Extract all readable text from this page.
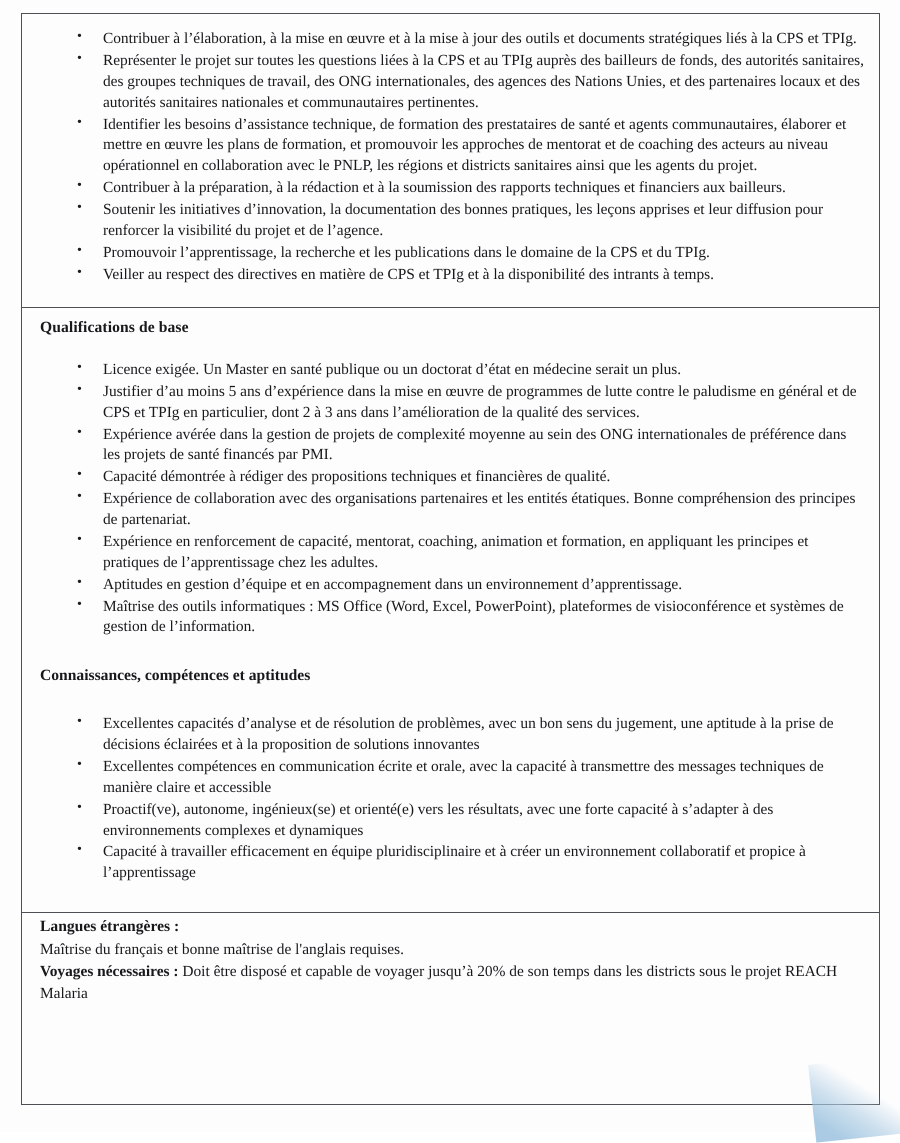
• Contribuer à l’élaboration, à la mise en œuvre et à la mise à jour des outils et documents stratégiques liés à la CPS et TPIg.
• Représenter le projet sur toutes les questions liées à la CPS et au TPIg auprès des bailleurs de fonds, des autorités sanitaires, des groupes techniques de travail, des ONG internationales, des agences des Nations Unies, et des partenaires locaux et des autorités sanitaires nationales et communautaires pertinentes.
• Identifier les besoins d’assistance technique, de formation des prestataires de santé et agents communautaires, élaborer et mettre en œuvre les plans de formation, et promouvoir les approches de mentorat et de coaching des acteurs au niveau opérationnel en collaboration avec le PNLP, les régions et districts sanitaires ainsi que les agents du projet.
• Contribuer à la préparation, à la rédaction et à la soumission des rapports techniques et financiers aux bailleurs.
• Soutenir les initiatives d’innovation, la documentation des bonnes pratiques, les leçons apprises et leur diffusion pour renforcer la visibilité du projet et de l’agence.
• Promouvoir l’apprentissage, la recherche et les publications dans le domaine de la CPS et du TPIg.
• Veiller au respect des directives en matière de CPS et TPIg et à la disponibilité des intrants à temps.
Qualifications de base
• Licence exigée. Un Master en santé publique ou un doctorat d’état en médecine serait un plus.
• Justifier d’au moins 5 ans d’expérience dans la mise en œuvre de programmes de lutte contre le paludisme en général et de CPS et TPIg en particulier, dont 2 à 3 ans dans l’amélioration de la qualité des services.
• Expérience avérée dans la gestion de projets de complexité moyenne au sein des ONG internationales de préférence dans les projets de santé financés par PMI.
• Capacité démontrée à rédiger des propositions techniques et financières de qualité.
• Expérience de collaboration avec des organisations partenaires et les entités étatiques. Bonne compréhension des principes de partenariat.
• Expérience en renforcement de capacité, mentorat, coaching, animation et formation, en appliquant les principes et pratiques de l’apprentissage chez les adultes.
• Aptitudes en gestion d’équipe et en accompagnement dans un environnement d’apprentissage.
• Maîtrise des outils informatiques : MS Office (Word, Excel, PowerPoint), plateformes de visioconférence et systèmes de gestion de l’information.
Connaissances, compétences et aptitudes
• Excellentes capacités d’analyse et de résolution de problèmes, avec un bon sens du jugement, une aptitude à la prise de décisions éclairées et à la proposition de solutions innovantes
• Excellentes compétences en communication écrite et orale, avec la capacité à transmettre des messages techniques de manière claire et accessible
• Proactif(ve), autonome, ingénieux(se) et orienté(e) vers les résultats, avec une forte capacité à s’adapter à des environnements complexes et dynamiques
• Capacité à travailler efficacement en équipe pluridisciplinaire et à créer un environnement collaboratif et propice à l’apprentissage
Langues étrangères :
Maîtrise du français et bonne maîtrise de l'anglais requises.
Voyages nécessaires : Doit être disposé et capable de voyager jusqu’à 20% de son temps dans les districts sous le projet REACH Malaria
